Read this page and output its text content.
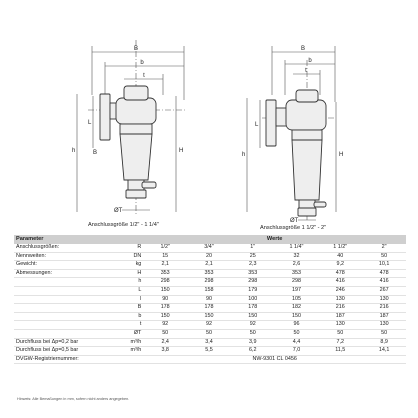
B
b
t
L
h	H
B
ØT
B
b
t
L
h	H
ØT
Anschlussgröße 1/2" - 1 1/4"	Anschlussgröße 1 1/2" - 2"
Parameter		Werte					
Anschlussgrößen:	R	1/2"	3/4"	1"	1 1/4"	1 1/2"	2"
Nennweiten:	DN	15	20	25	32	40	50
Gewicht:	kg	2,1	2,1	2,3	2,6	9,2	10,1
Abmessungen:	H	353	353	353	353	478	478
	h	298	298	298	298	416	416
	L	150	158	179	197	246	267
	l	90	90	100	105	130	130
	B	178	178	178	182	216	216
	b	150	150	150	150	187	187
	t	92	92	92	96	130	130
	ØT	50	50	50	50	50	50
Durchfluss bei Δp=0,2 bar	m³/h	2,4	3,4	3,9	4,4	7,2	8,9
Durchfluss bei Δp=0,5 bar	m³/h	3,8	5,5	6,2	7,0	11,5	14,1
DVGW-Registriernummer:		NW-9301 CL 0456					
Hinweis: Alle Bemaßungen in mm, sofern nicht anders angegeben.
